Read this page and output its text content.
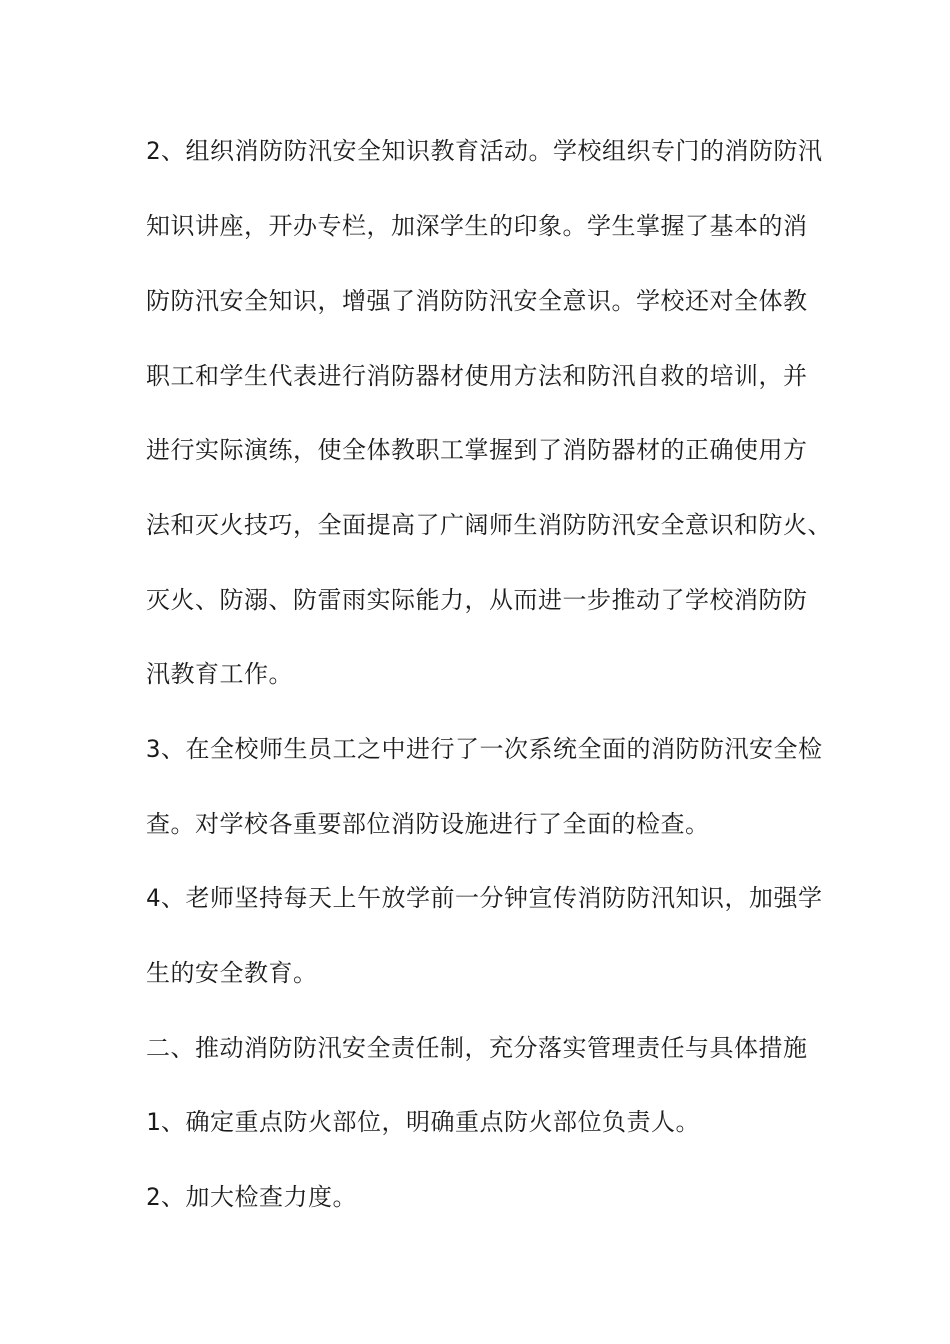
2、组织消防防汛安全知识教育活动。学校组织专门的消防防汛

知识讲座，开办专栏，加深学生的印象。学生掌握了基本的消

防防汛安全知识，增强了消防防汛安全意识。学校还对全体教

职工和学生代表进行消防器材使用方法和防汛自救的培训，并

进行实际演练，使全体教职工掌握到了消防器材的正确使用方

法和灭火技巧，全面提高了广阔师生消防防汛安全意识和防火、

灭火、防溺、防雷雨实际能力，从而进一步推动了学校消防防

汛教育工作。

3、在全校师生员工之中进行了一次系统全面的消防防汛安全检

查。对学校各重要部位消防设施进行了全面的检查。

4、老师坚持每天上午放学前一分钟宣传消防防汛知识，加强学

生的安全教育。

二、推动消防防汛安全责任制，充分落实管理责任与具体措施

1、确定重点防火部位，明确重点防火部位负责人。

2、加大检查力度。
